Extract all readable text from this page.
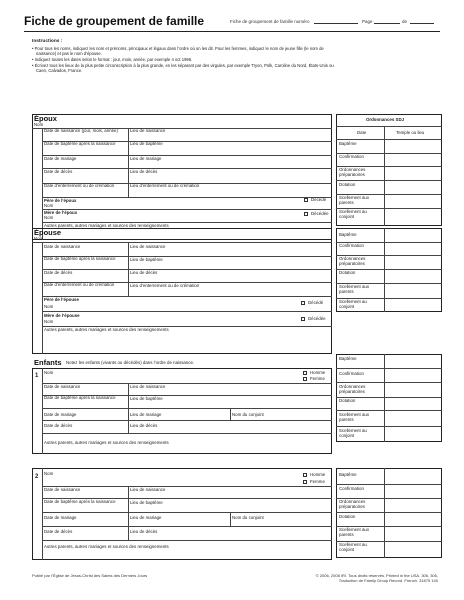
Fiche de groupement de famille	Fiche de groupement de famille numéro	Page	de
Instructions :
• Pour tous les noms, indiquez les nom et prénoms, principaux et légaux dans l’ordre où on les dit. Pour les femmes, indiquez le nom de jeune fille (le nom de
naissance) et pas le nom d’épouse.
• Indiquez toutes les dates selon le format : jour, mois, année, par exemple 4 oct 1996.
• Écrivez tous les lieux de la plus petite circonscription à la plus grande, en les séparant par des virgules, par exemple Tryon, Polk, Caroline du Nord, États-Unis ou
Caen, Calvados, France.
Époux
Nom
Date de naissance (jour, mois, année)	Lieu de naissance
Date de baptême après la naissance	Lieu de baptême
Date de mariage	Lieu de mariage
Date de décès	Lieu de décès
Date d’enterrement ou de crémation	Lieu d’enterrement ou de crémation
Père de l’époux
Nom
Décédé
Mère de l’époux
Nom
Décédée
Autres parents, autres mariages et sources des renseignements
Ordonnances SDJ
Date	Temple ou lieu
Baptême
Confirmation
Ordonnances préparatoires
Dotation
Scellement aux parents
Scellement au conjoint
Épouse
Nom
Date de naissance	Lieu de naissance
Date de baptême après la naissance	Lieu de baptême
Date de décès	Lieu de décès
Date d’enterrement ou de crémation	Lieu d’enterrement ou de crémation
Père de l’épouse
Nom
Décédé
Mère de l’épouse
Nom
Décédée
Autres parents, autres mariages et sources des renseignements
Baptême
Confirmation
Ordonnances préparatoires
Dotation
Scellement aux parents
Scellement au conjoint
Enfants Notez les enfants (vivants ou décédés) dans l’ordre de naissance.
1
Nom	Homme
Femme
Date de naissance	Lieu de naissance
Date de baptême après la naissance	Lieu de baptême
Date de mariage	Lieu de mariage	Nom du conjoint
Date de décès	Lieu de décès
Autres parents, autres mariages et sources des renseignements
Baptême
Confirmation
Ordonnances préparatoires
Dotation
Scellement aux parents
Scellement au conjoint
2
Nom	Homme
Femme
Date de naissance	Lieu de naissance
Date de baptême après la naissance	Lieu de baptême
Date de mariage	Lieu de mariage	Nom du conjoint
Date de décès	Lieu de décès
Autres parents, autres mariages et sources des renseignements
Baptême
Confirmation
Ordonnances préparatoires
Dotation
Scellement aux parents
Scellement au conjoint
Publié par l’Église de Jésus-Christ des Saints des Derniers Jours	© 2006, 2008 IRI. Tous droits réservés. Printed in the USA. 306, 306,
Traduction de Family Group Record. French. 31875 140
